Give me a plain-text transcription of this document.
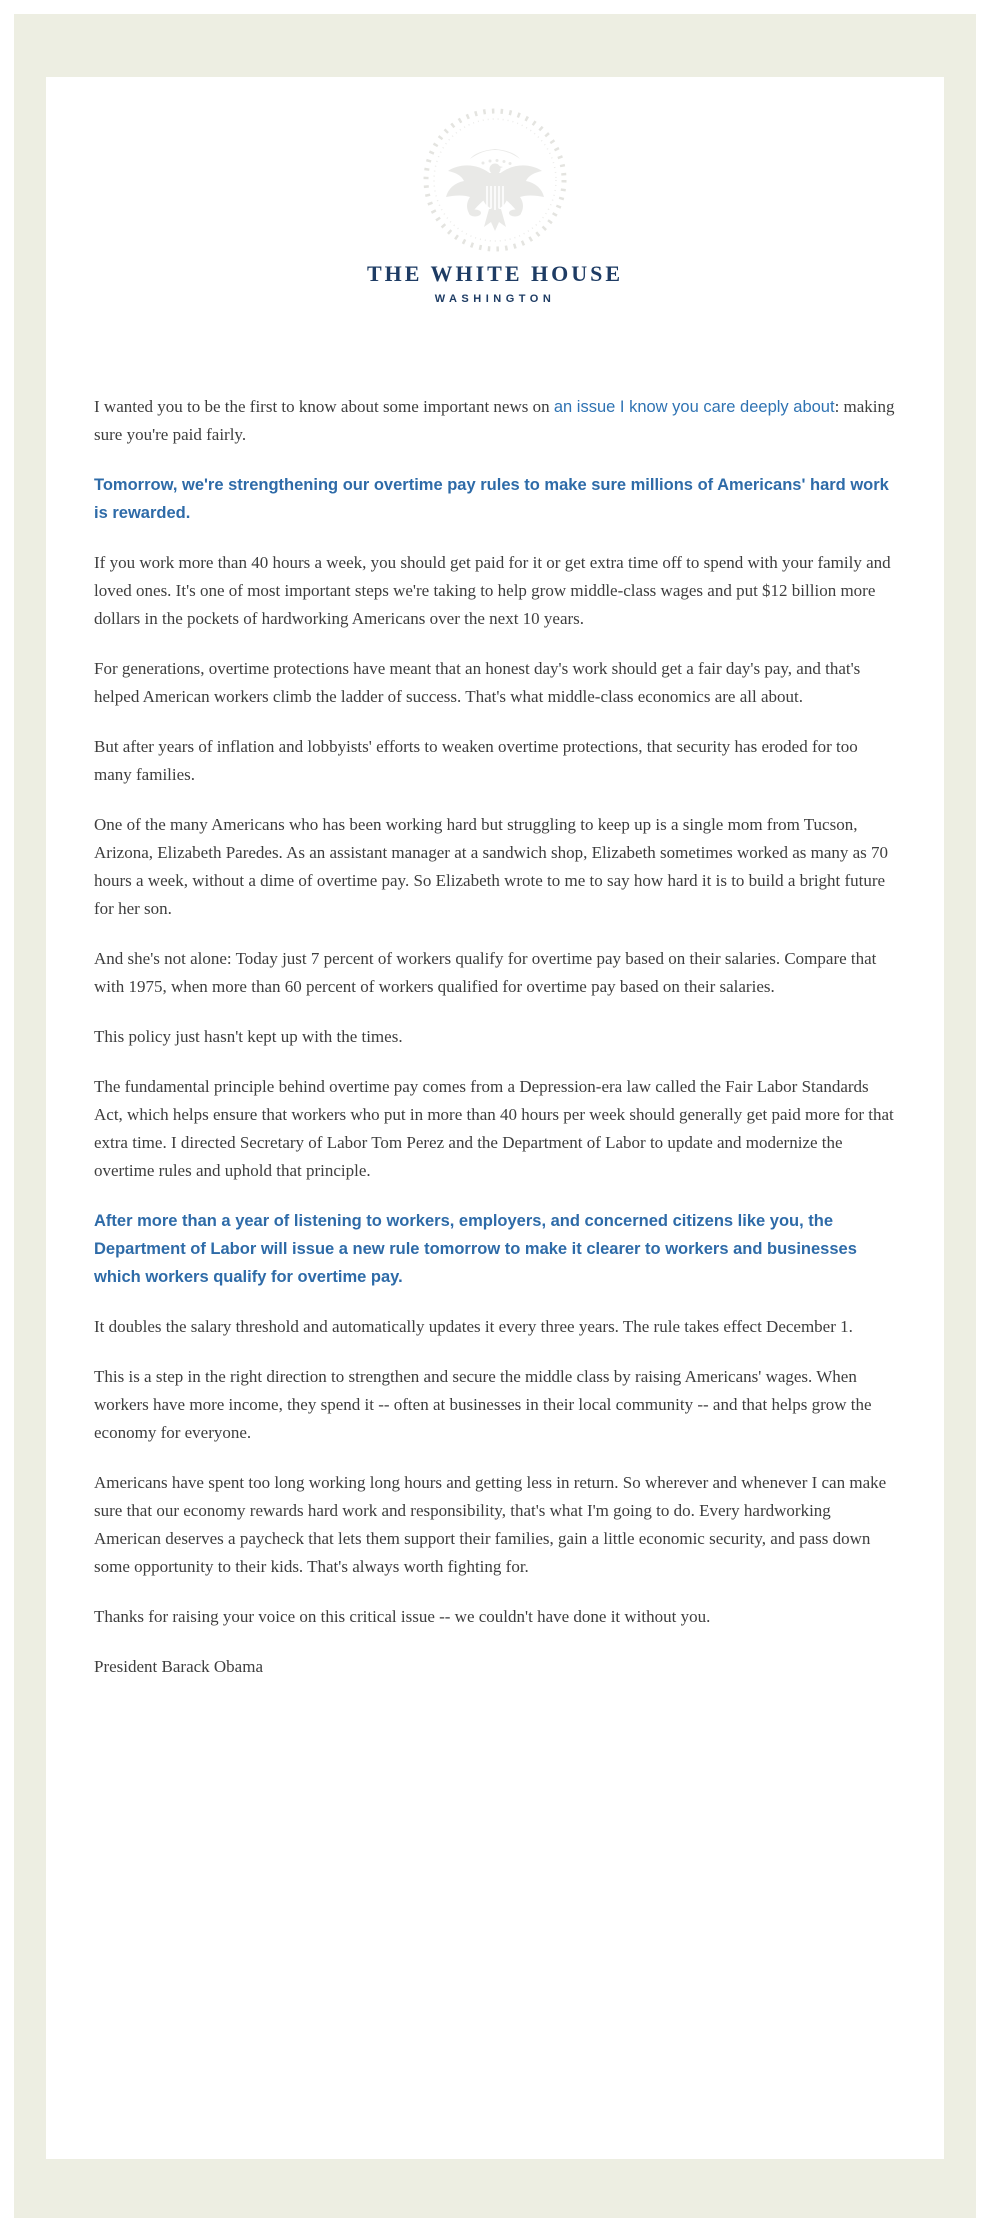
THE WHITE HOUSE
WASHINGTON

I wanted you to be the first to know about some important news on an issue I know you care deeply about: making sure you're paid fairly.

Tomorrow, we're strengthening our overtime pay rules to make sure millions of Americans' hard work is rewarded.

If you work more than 40 hours a week, you should get paid for it or get extra time off to spend with your family and loved ones. It's one of most important steps we're taking to help grow middle-class wages and put $12 billion more dollars in the pockets of hardworking Americans over the next 10 years.

For generations, overtime protections have meant that an honest day's work should get a fair day's pay, and that's helped American workers climb the ladder of success. That's what middle-class economics are all about.

But after years of inflation and lobbyists' efforts to weaken overtime protections, that security has eroded for too many families.

One of the many Americans who has been working hard but struggling to keep up is a single mom from Tucson, Arizona, Elizabeth Paredes. As an assistant manager at a sandwich shop, Elizabeth sometimes worked as many as 70 hours a week, without a dime of overtime pay. So Elizabeth wrote to me to say how hard it is to build a bright future for her son.

And she's not alone: Today just 7 percent of workers qualify for overtime pay based on their salaries. Compare that with 1975, when more than 60 percent of workers qualified for overtime pay based on their salaries.

This policy just hasn't kept up with the times.

The fundamental principle behind overtime pay comes from a Depression-era law called the Fair Labor Standards Act, which helps ensure that workers who put in more than 40 hours per week should generally get paid more for that extra time. I directed Secretary of Labor Tom Perez and the Department of Labor to update and modernize the overtime rules and uphold that principle.

After more than a year of listening to workers, employers, and concerned citizens like you, the Department of Labor will issue a new rule tomorrow to make it clearer to workers and businesses which workers qualify for overtime pay.

It doubles the salary threshold and automatically updates it every three years. The rule takes effect December 1.

This is a step in the right direction to strengthen and secure the middle class by raising Americans' wages. When workers have more income, they spend it -- often at businesses in their local community -- and that helps grow the economy for everyone.

Americans have spent too long working long hours and getting less in return. So wherever and whenever I can make sure that our economy rewards hard work and responsibility, that's what I'm going to do. Every hardworking American deserves a paycheck that lets them support their families, gain a little economic security, and pass down some opportunity to their kids. That's always worth fighting for.

Thanks for raising your voice on this critical issue -- we couldn't have done it without you.

President Barack Obama
